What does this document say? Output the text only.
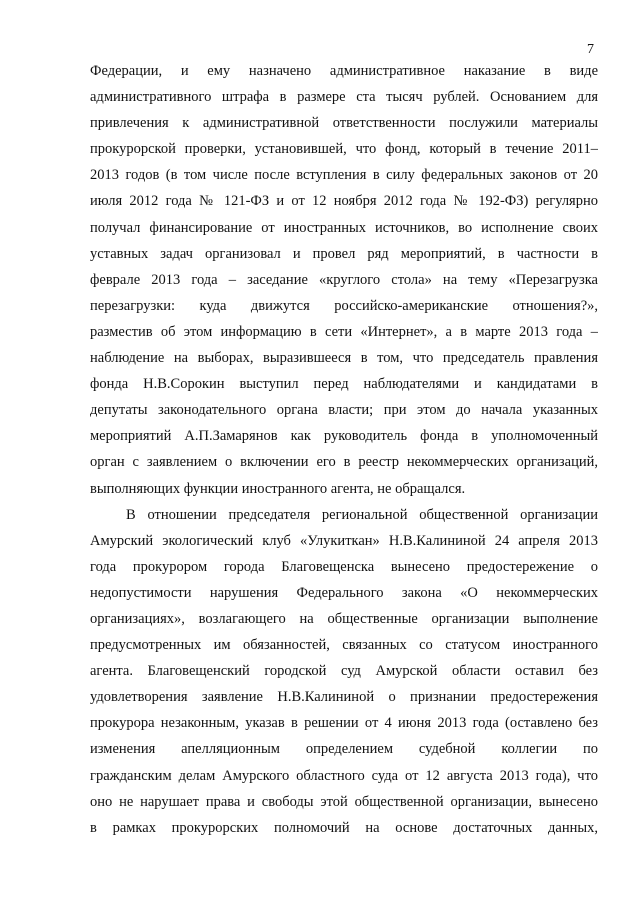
7
Федерации, и ему назначено административное наказание в виде
административного штрафа в размере ста тысяч рублей. Основанием для
привлечения к административной ответственности послужили материалы
прокурорской проверки, установившей, что фонд, который в течение 2011–
2013 годов (в том числе после вступления в силу федеральных законов от 20
июля 2012 года № 121-ФЗ и от 12 ноября 2012 года № 192-ФЗ) регулярно
получал финансирование от иностранных источников, во исполнение своих
уставных задач организовал и провел ряд мероприятий, в частности в
феврале 2013 года – заседание «круглого стола» на тему «Перезагрузка
перезагрузки: куда движутся российско-американские отношения?»,
разместив об этом информацию в сети «Интернет», а в марте 2013 года –
наблюдение на выборах, выразившееся в том, что председатель правления
фонда Н.В.Сорокин выступил перед наблюдателями и кандидатами в
депутаты законодательного органа власти; при этом до начала указанных
мероприятий А.П.Замарянов как руководитель фонда в уполномоченный
орган с заявлением о включении его в реестр некоммерческих организаций,
выполняющих функции иностранного агента, не обращался.
В отношении председателя региональной общественной организации
Амурский экологический клуб «Улукиткан» Н.В.Калининой 24 апреля 2013
года прокурором города Благовещенска вынесено предостережение о
недопустимости нарушения Федерального закона «О некоммерческих
организациях», возлагающего на общественные организации выполнение
предусмотренных им обязанностей, связанных со статусом иностранного
агента. Благовещенский городской суд Амурской области оставил без
удовлетворения заявление Н.В.Калининой о признании предостережения
прокурора незаконным, указав в решении от 4 июня 2013 года (оставлено без
изменения апелляционным определением судебной коллегии по
гражданским делам Амурского областного суда от 12 августа 2013 года), что
оно не нарушает права и свободы этой общественной организации, вынесено
в рамках прокурорских полномочий на основе достаточных данных,
